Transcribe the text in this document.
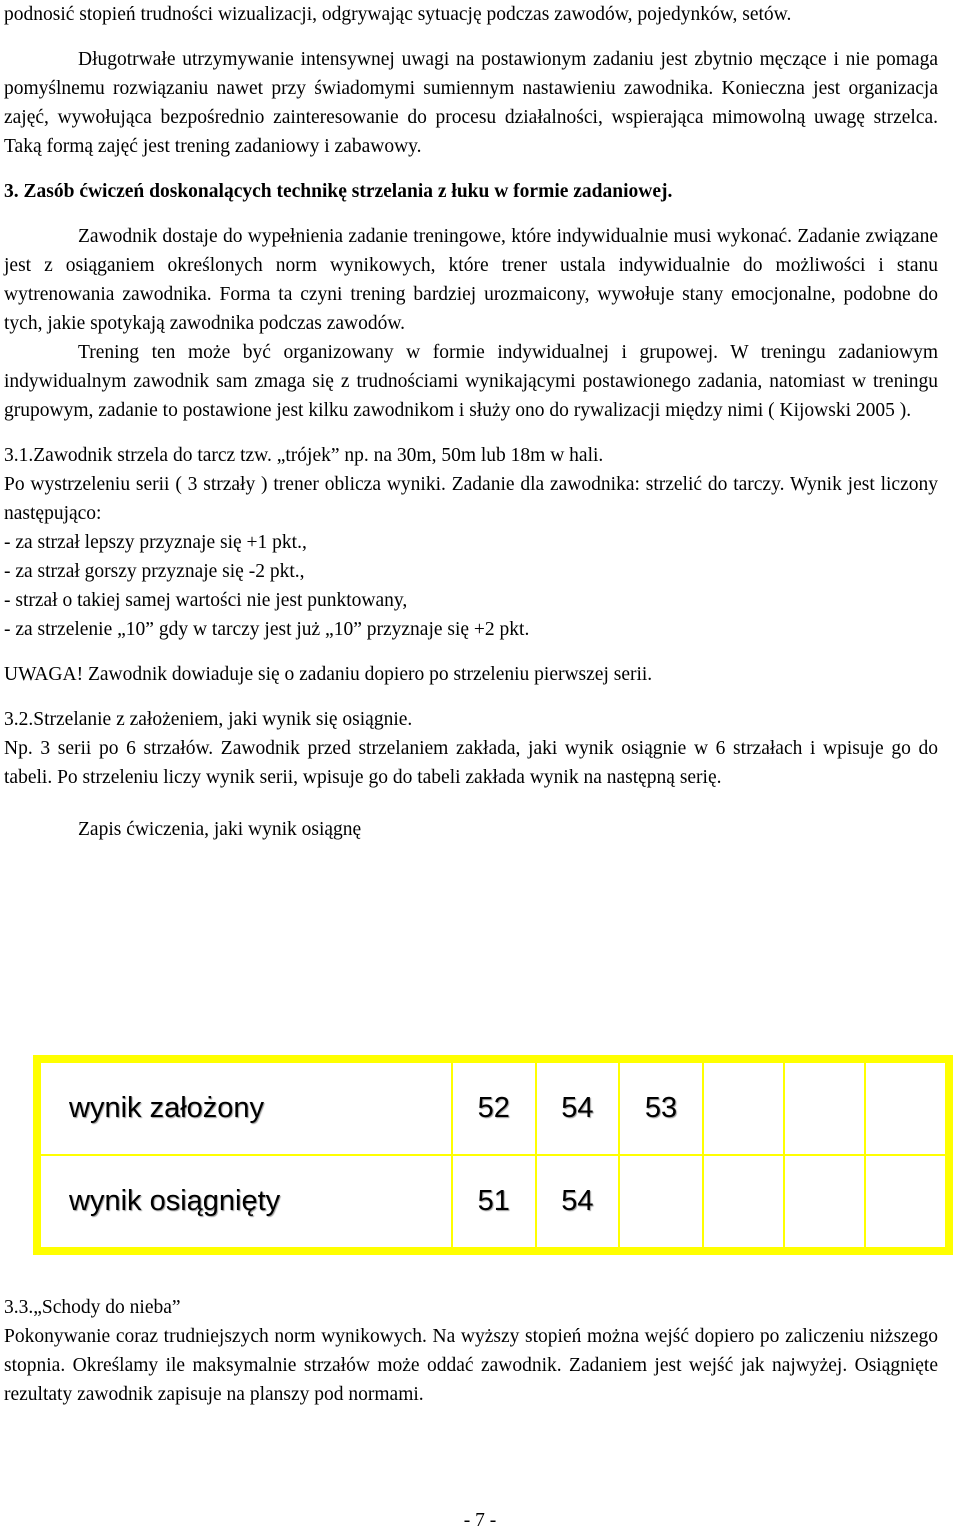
podnosić stopień trudności wizualizacji, odgrywając sytuację podczas zawodów, pojedynków, setów.

Długotrwałe utrzymywanie intensywnej uwagi na postawionym zadaniu jest zbytnio męczące i nie pomaga pomyślnemu rozwiązaniu nawet przy świadomymi sumiennym nastawieniu zawodnika. Konieczna jest organizacja zajęć, wywołująca bezpośrednio zainteresowanie do procesu działalności, wspierająca mimowolną uwagę strzelca. Taką formą zajęć jest trening zadaniowy i zabawowy.

3. Zasób ćwiczeń doskonalących technikę strzelania z łuku w formie zadaniowej.

Zawodnik dostaje do wypełnienia zadanie treningowe, które indywidualnie musi wykonać. Zadanie związane jest z osiąganiem określonych norm wynikowych, które trener ustala indywidualnie do możliwości i stanu wytrenowania zawodnika. Forma ta czyni trening bardziej urozmaicony, wywołuje stany emocjonalne, podobne do tych, jakie spotykają zawodnika podczas zawodów.

Trening ten może być organizowany w formie indywidualnej i grupowej. W treningu zadaniowym indywidualnym zawodnik sam zmaga się z trudnościami wynikającymi postawionego zadania, natomiast w treningu grupowym, zadanie to postawione jest kilku zawodnikom i służy ono do rywalizacji między nimi ( Kijowski 2005 ).

3.1.Zawodnik strzela do tarcz tzw. „trójek” np. na 30m, 50m lub 18m w hali.

Po wystrzeleniu serii ( 3 strzały ) trener oblicza wyniki. Zadanie dla zawodnika: strzelić do tarczy. Wynik jest liczony następująco:

- za strzał lepszy przyznaje się +1 pkt.,

- za strzał gorszy przyznaje się -2 pkt.,

- strzał o takiej samej wartości nie jest punktowany,

- za strzelenie „10” gdy w tarczy jest już „10” przyznaje się +2 pkt.

UWAGA! Zawodnik dowiaduje się o zadaniu dopiero po strzeleniu pierwszej serii.

3.2.Strzelanie z założeniem, jaki wynik się osiągnie.

Np. 3 serii po 6 strzałów. Zawodnik przed strzelaniem zakłada, jaki wynik osiągnie w 6 strzałach i wpisuje go do tabeli. Po strzeleniu liczy wynik serii, wpisuje go do tabeli zakłada wynik na następną serię.

Zapis ćwiczenia, jaki wynik osiągnę

wynik założony	52	54	53			
wynik osiągnięty	51	54				

3.3.„Schody do nieba”

Pokonywanie coraz trudniejszych norm wynikowych. Na wyższy stopień można wejść dopiero po zaliczeniu niższego stopnia. Określamy ile maksymalnie strzałów może oddać zawodnik. Zadaniem jest wejść jak najwyżej. Osiągnięte rezultaty zawodnik zapisuje na planszy pod normami.

- 7 -
